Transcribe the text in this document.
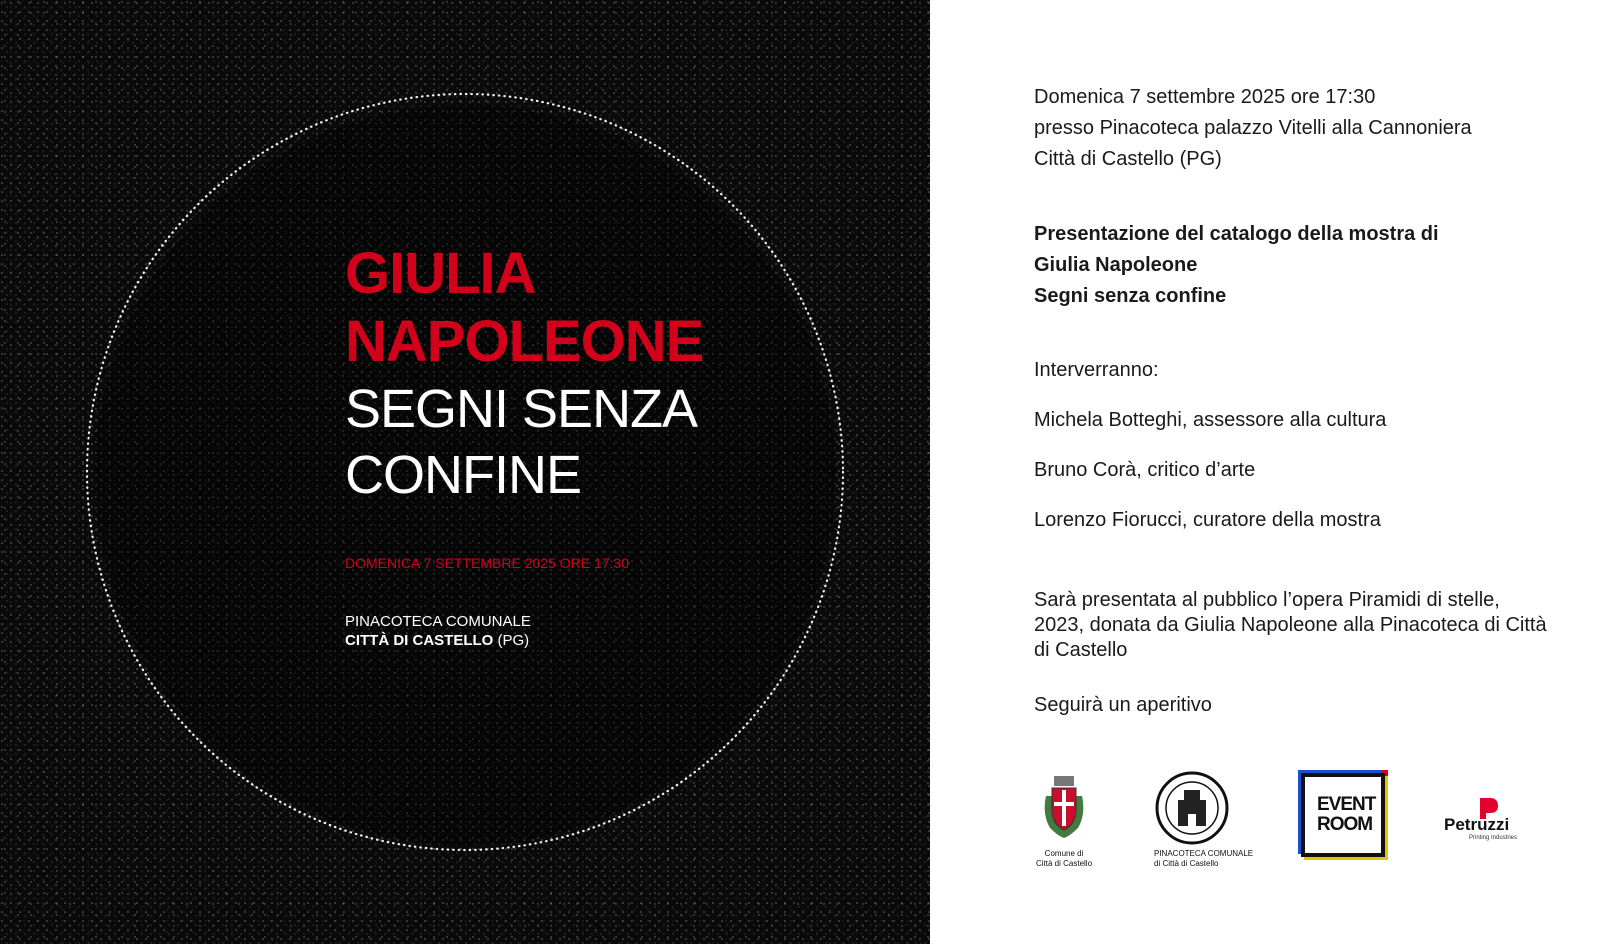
GIULIA
NAPOLEONE
SEGNI SENZA
CONFINE
DOMENICA 7 SETTEMBRE 2025 ORE 17:30
PINACOTECA COMUNALE
CITTÀ DI CASTELLO (PG)

Domenica 7 settembre 2025 ore 17:30

presso Pinacoteca palazzo Vitelli alla Cannoniera

Città di Castello (PG)

Presentazione del catalogo della mostra di

Giulia Napoleone

Segni senza confine

Interverranno:

Michela Botteghi, assessore alla cultura

Bruno Corà, critico d’arte

Lorenzo Fiorucci, curatore della mostra

Sarà presentata al pubblico l’opera Piramidi di stelle, 2023, donata da Giulia Napoleone alla Pinacoteca di Città di Castello

Seguirà un aperitivo

Comune di
Città di Castello
PINACOTECA COMUNALE
di Città di Castello
EVENT
ROOM	Petruzzi
Printing Industries
